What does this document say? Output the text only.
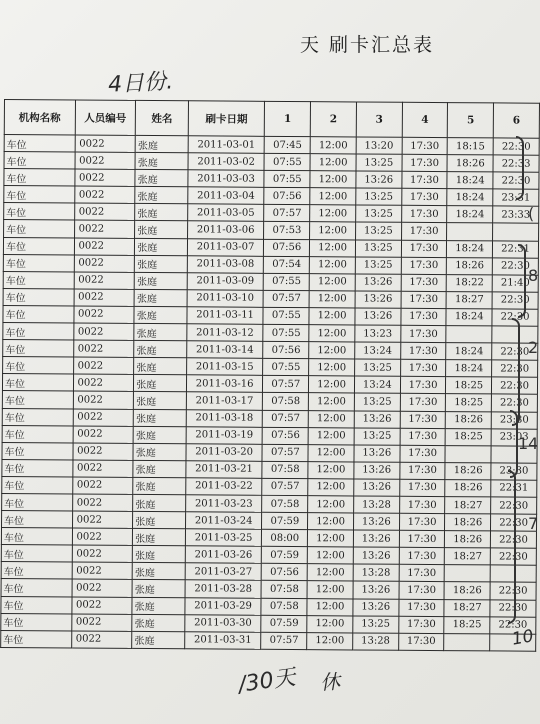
天 刷卡汇总表
4日份.
机构名称	人员编号	姓名	刷卡日期	1	2	3	4	5	6
车位	0022	张庭	2011-03-01	07:45	12:00	13:20	17:30	18:15	22:30
车位	0022	张庭	2011-03-02	07:55	12:00	13:25	17:30	18:26	22:33
车位	0022	张庭	2011-03-03	07:55	12:00	13:26	17:30	18:24	22:30
车位	0022	张庭	2011-03-04	07:56	12:00	13:25	17:30	18:24	23:31
车位	0022	张庭	2011-03-05	07:57	12:00	13:25	17:30	18:24	23:33
车位	0022	张庭	2011-03-06	07:53	12:00	13:25	17:30		
车位	0022	张庭	2011-03-07	07:56	12:00	13:25	17:30	18:24	22:31
车位	0022	张庭	2011-03-08	07:54	12:00	13:25	17:30	18:26	22:30
车位	0022	张庭	2011-03-09	07:55	12:00	13:26	17:30	18:22	21:40
车位	0022	张庭	2011-03-10	07:57	12:00	13:26	17:30	18:27	22:30
车位	0022	张庭	2011-03-11	07:55	12:00	13:26	17:30	18:24	22:30
车位	0022	张庭	2011-03-12	07:55	12:00	13:23	17:30		
车位	0022	张庭	2011-03-14	07:56	12:00	13:24	17:30	18:24	22:30
车位	0022	张庭	2011-03-15	07:55	12:00	13:25	17:30	18:24	22:30
车位	0022	张庭	2011-03-16	07:57	12:00	13:24	17:30	18:25	22:30
车位	0022	张庭	2011-03-17	07:58	12:00	13:25	17:30	18:25	22:30
车位	0022	张庭	2011-03-18	07:57	12:00	13:26	17:30	18:26	23:30
车位	0022	张庭	2011-03-19	07:56	12:00	13:25	17:30	18:25	23:03
车位	0022	张庭	2011-03-20	07:57	12:00	13:26	17:30		
车位	0022	张庭	2011-03-21	07:58	12:00	13:26	17:30	18:26	23:30
车位	0022	张庭	2011-03-22	07:57	12:00	13:26	17:30	18:26	22:31
车位	0022	张庭	2011-03-23	07:58	12:00	13:28	17:30	18:27	22:30
车位	0022	张庭	2011-03-24	07:59	12:00	13:26	17:30	18:26	22:30
车位	0022	张庭	2011-03-25	08:00	12:00	13:26	17:30	18:26	22:30
车位	0022	张庭	2011-03-26	07:59	12:00	13:26	17:30	18:27	22:30
车位	0022	张庭	2011-03-27	07:56	12:00	13:28	17:30		
车位	0022	张庭	2011-03-28	07:58	12:00	13:26	17:30	18:26	22:30
车位	0022	张庭	2011-03-29	07:58	12:00	13:26	17:30	18:27	22:30
车位	0022	张庭	2011-03-30	07:59	12:00	13:25	17:30	18:25	22:30
车位	0022	张庭	2011-03-31	07:57	12:00	13:28	17:30		
(
8
2
14
7
/30天 休
10
